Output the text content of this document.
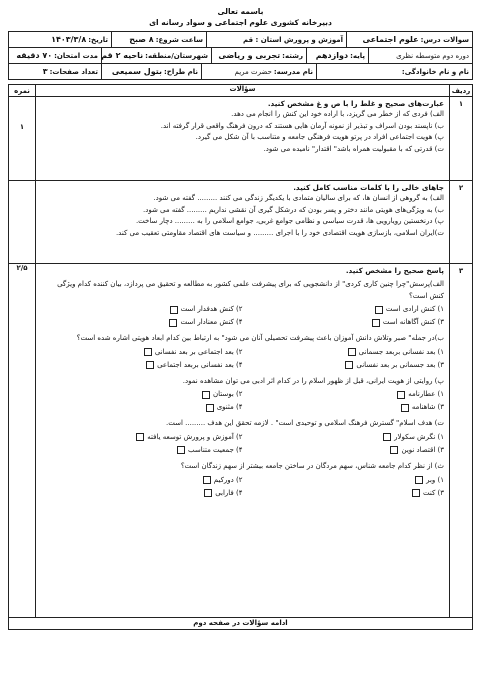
باسمه تعالی
دبیرخانه کشوری علوم اجتماعی و سواد رسانه ای
سوالات درس:
علوم اجتماعی
آموزش و پرورش استان : قم
ساعت شروع:
۸ صبح
تاریخ:
۱۴۰۳/۳/۸
دوره دوم متوسطه نظری
پایه:
دوازدهم
رشته:
تجربی و ریاضی
شهرستان/منطقه:
ناحیه ۲ قم
مدت امتحان:
۷۰ دقیقه
نام و نام خانوادگی:
نام مدرسه:
حضرت مریم
نام طراح:
بتول سمیعی
تعداد صفحات:
۳
ردیف
سؤالات
نمره
۱
عبارت‌های صحیح و غلط را با ص و غ مشخص کنید.
الف) فردی که از خطر می گریزد، با اراده خود این کنش را انجام می دهد.
ب) ناپسند بودن اسراف و تبذیر از نمونه آرمان هایی هستند که درون فرهنگ واقعی قرار گرفته اند.
پ) هویت اجتماعی افراد در پرتو هویت فرهنگی جامعه و متناسب با آن شکل می گیرد.
ت) قدرتی که با مقبولیت همراه باشد" اقتدار" نامیده می شود.
۱
۲
جاهای خالی را با کلمات مناسب کامل کنید.
الف) به گروهی از انسان ها، که برای سالیان متمادی با یکدیگر زندگی می کنند ......... گفته می شود.
ب) به ویژگی‌های هویتی مانند دختر و پسر بودن که درشکل گیری آن نقشی نداریم ......... گفته می شود.
پ) درنخستین رویارویی ها، قدرت سیاسی و نظامی جوامع غربی، جوامع اسلامی را به ......... دچار ساخت.
ت)ایران اسلامی، بازسازی هویت اقتصادی خود را با اجرای ......... و سیاست های اقتصاد مقاومتی تعقیب می کند.
۳
پاسخ صحیح را مشخص کنید.
الف)پرسش"چرا چنین کاری کردی" از دانشجویی که برای پیشرفت علمی کشور به مطالعه و تحقیق می پردازد، بیان کننده کدام ویژگی کنش است؟
۱) کنش ارادی است
۲) کنش هدفدار است
۳) کنش آگاهانه است
۴) کنش معنادار است
ب)در جمله" صبر وتلاش دانش آموزان باعث پیشرفت تحصیلی آنان می شود" به ارتباط بین کدام ابعاد هویتی اشاره شده است؟
۱) بعد نفسانی بربعد جسمانی
۲) بعد اجتماعی بر بعد نفسانی
۳) بعد جسمانی بر بعد نفسانی
۴) بعد نفسانی بربعد اجتماعی
پ) روایتی از هویت ایرانی، قبل از ظهور اسلام را در کدام اثر ادبی می توان مشاهده نمود.
۱) عطارنامه
۲) بوستان
۳) شاهنامه
۴) مثنوی
ت) هدف اسلام" گسترش فرهنگ اسلامی و توحیدی است" . لازمه تحقق این هدف ......... است.
۱) نگرش سکولار
۲) آموزش و پرورش توسعه یافته
۳) اقتصاد نوین
۴) جمعیت متناسب
ث) از نظر کدام جامعه شناس، سهم مردگان در ساختن جامعه بیشتر از سهم زندگان است؟
۱) وبر
۲) دورکیم
۳) کنت
۴) فارابی
۲/۵
ادامه سؤالات در صفحه دوم
